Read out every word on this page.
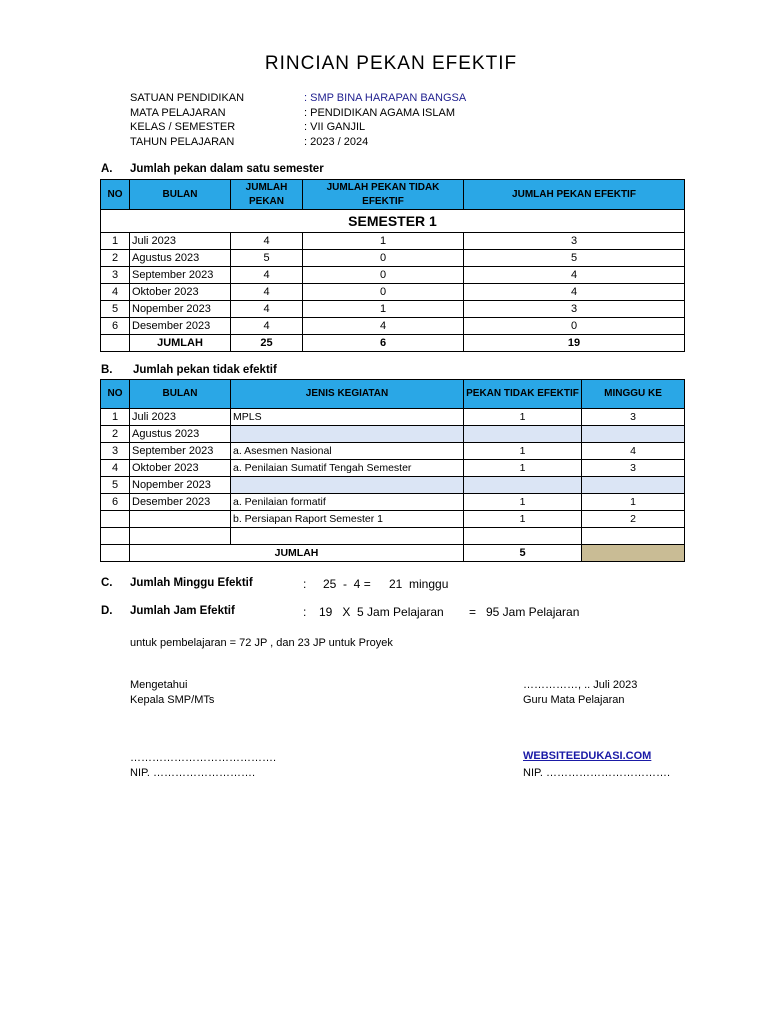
RINCIAN PEKAN EFEKTIF
SATUAN PENDIDIKAN	: SMP BINA HARAPAN BANGSA
MATA PELAJARAN	: PENDIDIKAN AGAMA ISLAM
KELAS / SEMESTER	: VII GANJIL
TAHUN PELAJARAN	: 2023 / 2024
A. Jumlah pekan dalam satu semester
NO	BULAN	JUMLAH PEKAN	JUMLAH PEKAN TIDAK EFEKTIF	JUMLAH PEKAN EFEKTIF
SEMESTER 1				
1	Juli 2023	4	1	3
2	Agustus 2023	5	0	5
3	September 2023	4	0	4
4	Oktober 2023	4	0	4
5	Nopember 2023	4	1	3
6	Desember 2023	4	4	0
	JUMLAH	25	6	19
B. Jumlah pekan tidak efektif
NO	BULAN	JENIS KEGIATAN	PEKAN TIDAK EFEKTIF	MINGGU KE
1	Juli 2023	MPLS	1	3
2	Agustus 2023			
3	September 2023	a. Asesmen Nasional	1	4
4	Oktober 2023	a. Penilaian Sumatif Tengah Semester	1	3
5	Nopember 2023			
6	Desember 2023	a. Penilaian formatif	1	1
		b. Persiapan Raport Semester 1	1	2

	JUMLAH		5	
C. Jumlah Minggu Efektif	: 25  -  4 = 21  minggu
D. Jumlah Jam Efektif	: 19   X  5 Jam Pelajaran = 95 Jam Pelajaran
untuk pembelajaran = 72 JP , dan 23 JP untuk Proyek
Mengetahui
Kepala SMP/MTs
………………………………….
NIP. ……………………….
……………, .. Juli 2023
Guru Mata Pelajaran
WEBSITEEDUKASI.COM
NIP. …………………………….
